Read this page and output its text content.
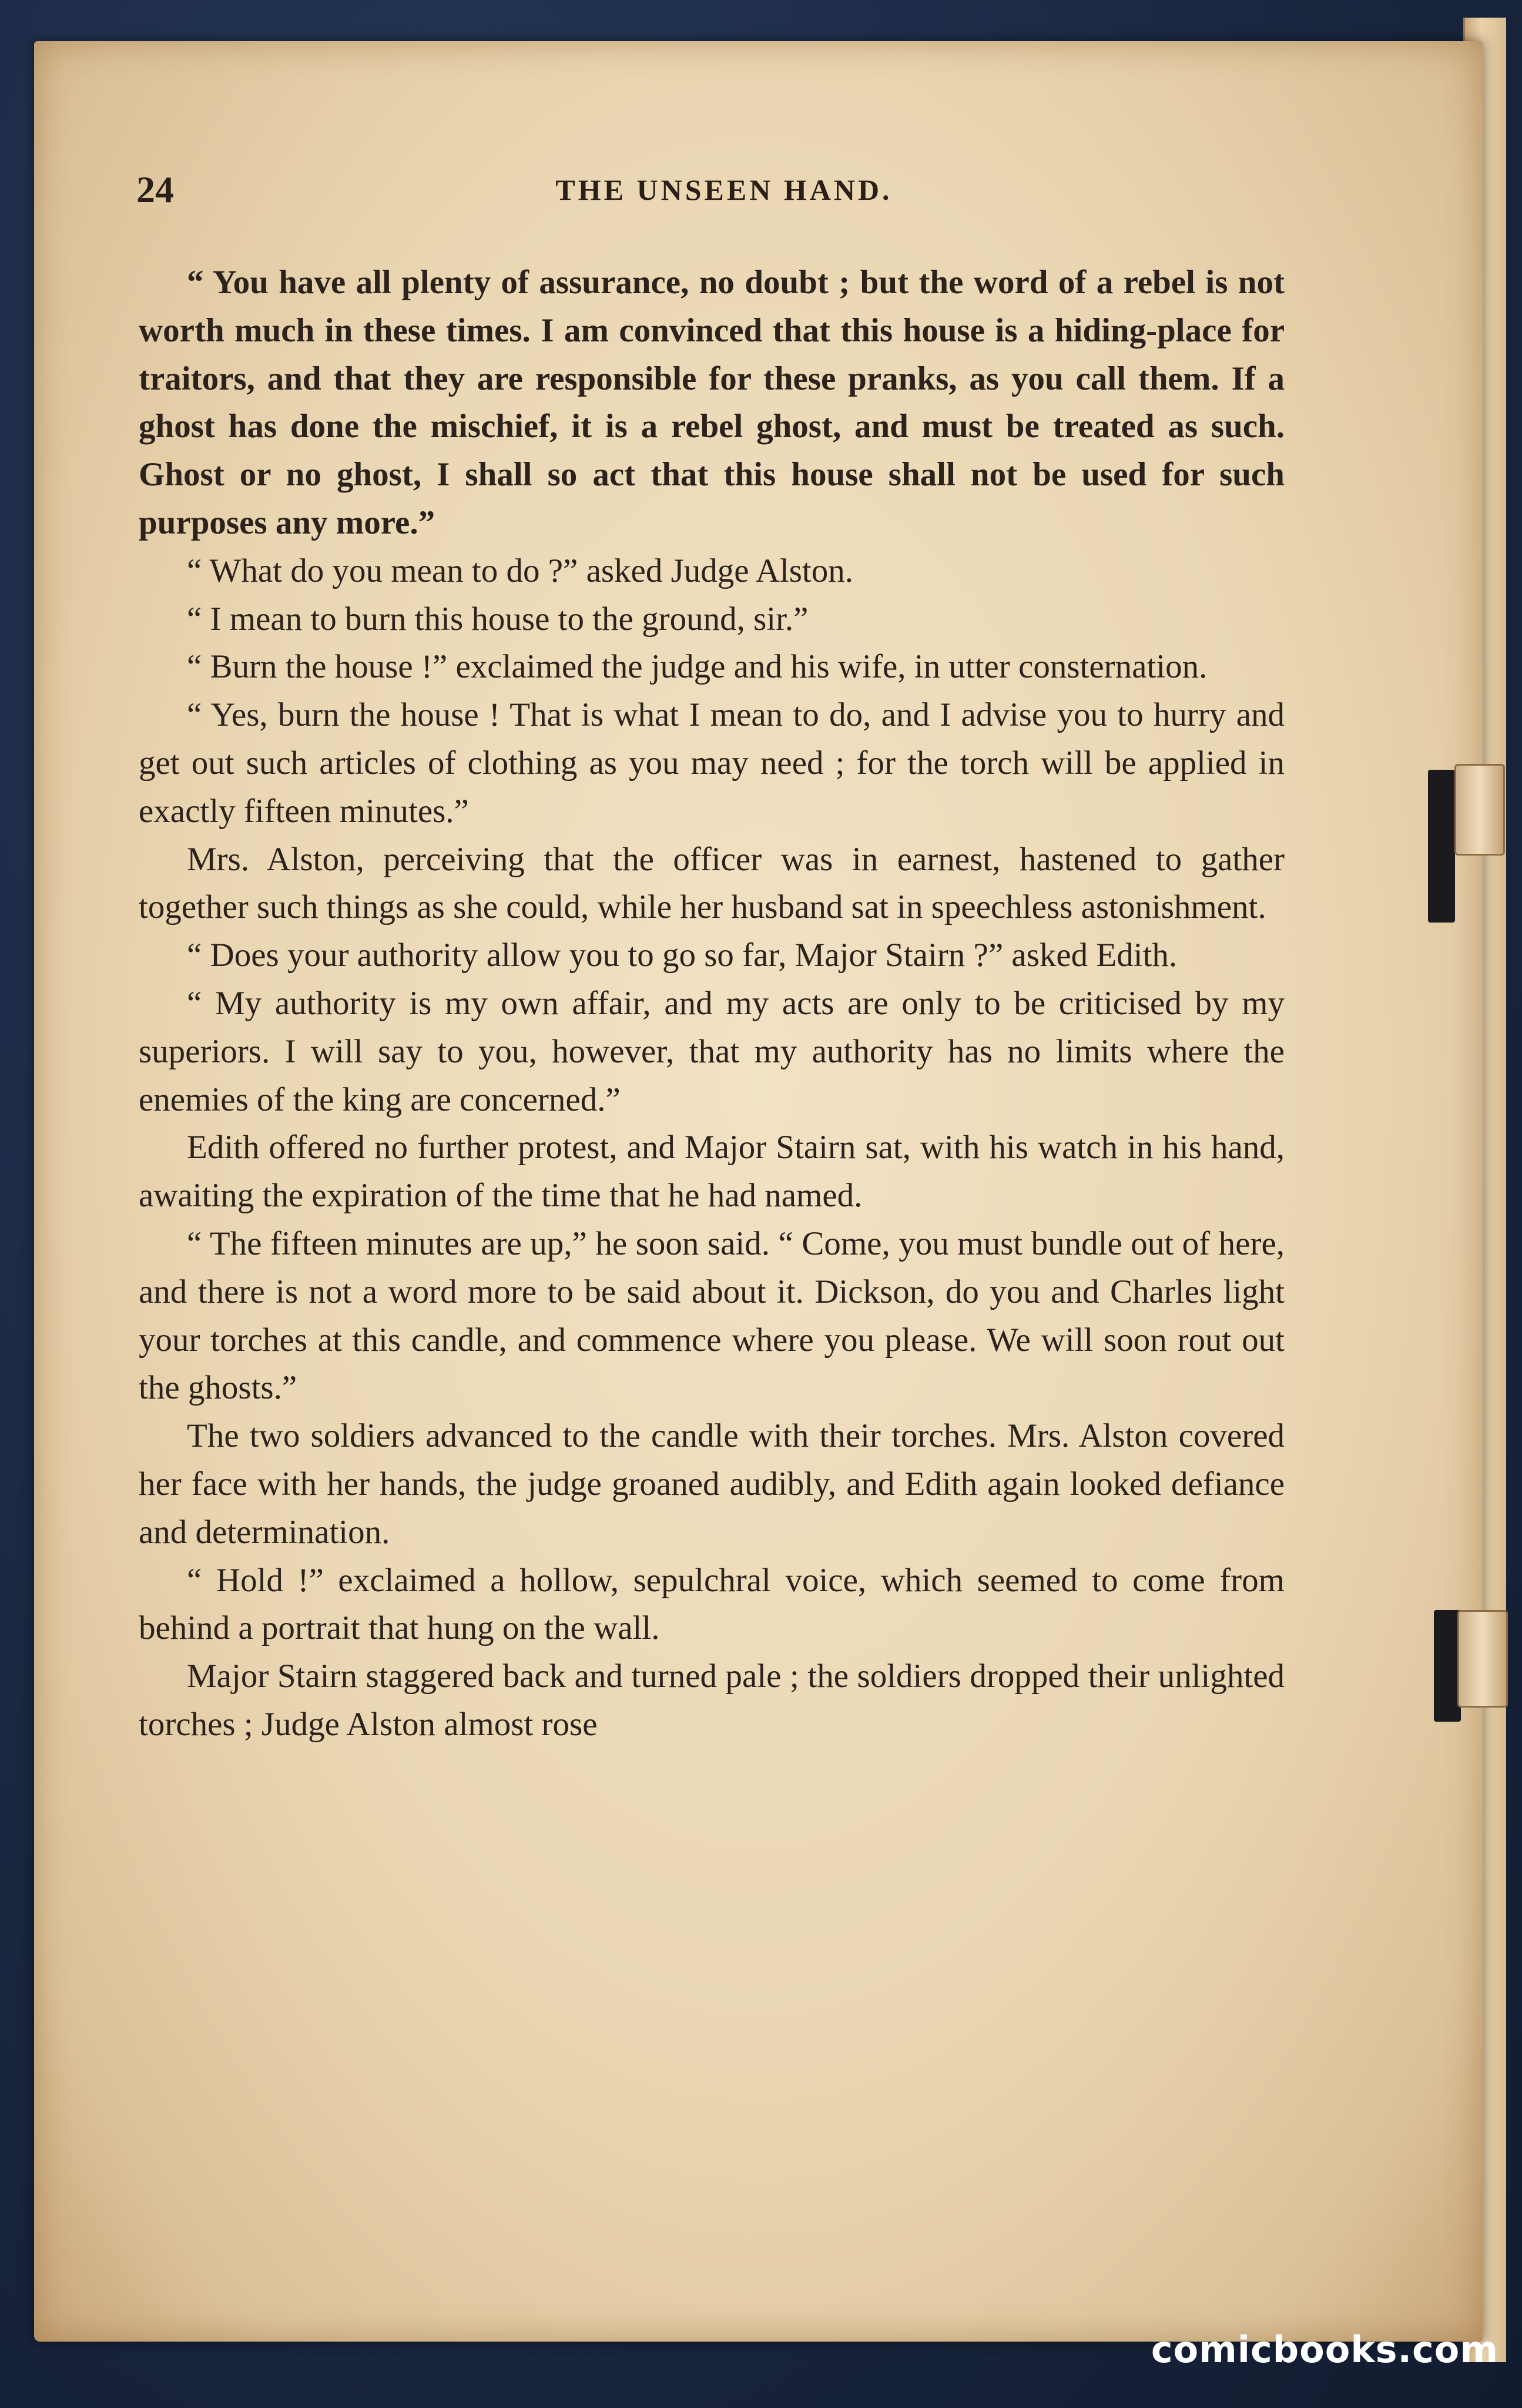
24	THE UNSEEN HAND.

“ You have all plenty of assurance, no doubt ; but the word of a rebel is not worth much in these times. I am convinced that this house is a hiding-place for traitors, and that they are responsible for these pranks, as you call them. If a ghost has done the mischief, it is a rebel ghost, and must be treated as such. Ghost or no ghost, I shall so act that this house shall not be used for such purposes any more.”

“ What do you mean to do ?” asked Judge Alston.

“ I mean to burn this house to the ground, sir.”

“ Burn the house !” exclaimed the judge and his wife, in utter consternation.

“ Yes, burn the house ! That is what I mean to do, and I advise you to hurry and get out such articles of clothing as you may need ; for the torch will be applied in exactly fifteen minutes.”

Mrs. Alston, perceiving that the officer was in earnest, hastened to gather together such things as she could, while her husband sat in speechless astonishment.

“ Does your authority allow you to go so far, Major Stairn ?” asked Edith.

“ My authority is my own affair, and my acts are only to be criticised by my superiors. I will say to you, however, that my authority has no limits where the enemies of the king are concerned.”

Edith offered no further protest, and Major Stairn sat, with his watch in his hand, awaiting the expiration of the time that he had named.

“ The fifteen minutes are up,” he soon said. “ Come, you must bundle out of here, and there is not a word more to be said about it. Dickson, do you and Charles light your torches at this candle, and commence where you please. We will soon rout out the ghosts.”

The two soldiers advanced to the candle with their torches. Mrs. Alston covered her face with her hands, the judge groaned audibly, and Edith again looked defiance and determination.

“ Hold !” exclaimed a hollow, sepulchral voice, which seemed to come from behind a portrait that hung on the wall.

Major Stairn staggered back and turned pale ; the soldiers dropped their unlighted torches ; Judge Alston almost rose

comicbooks.com
